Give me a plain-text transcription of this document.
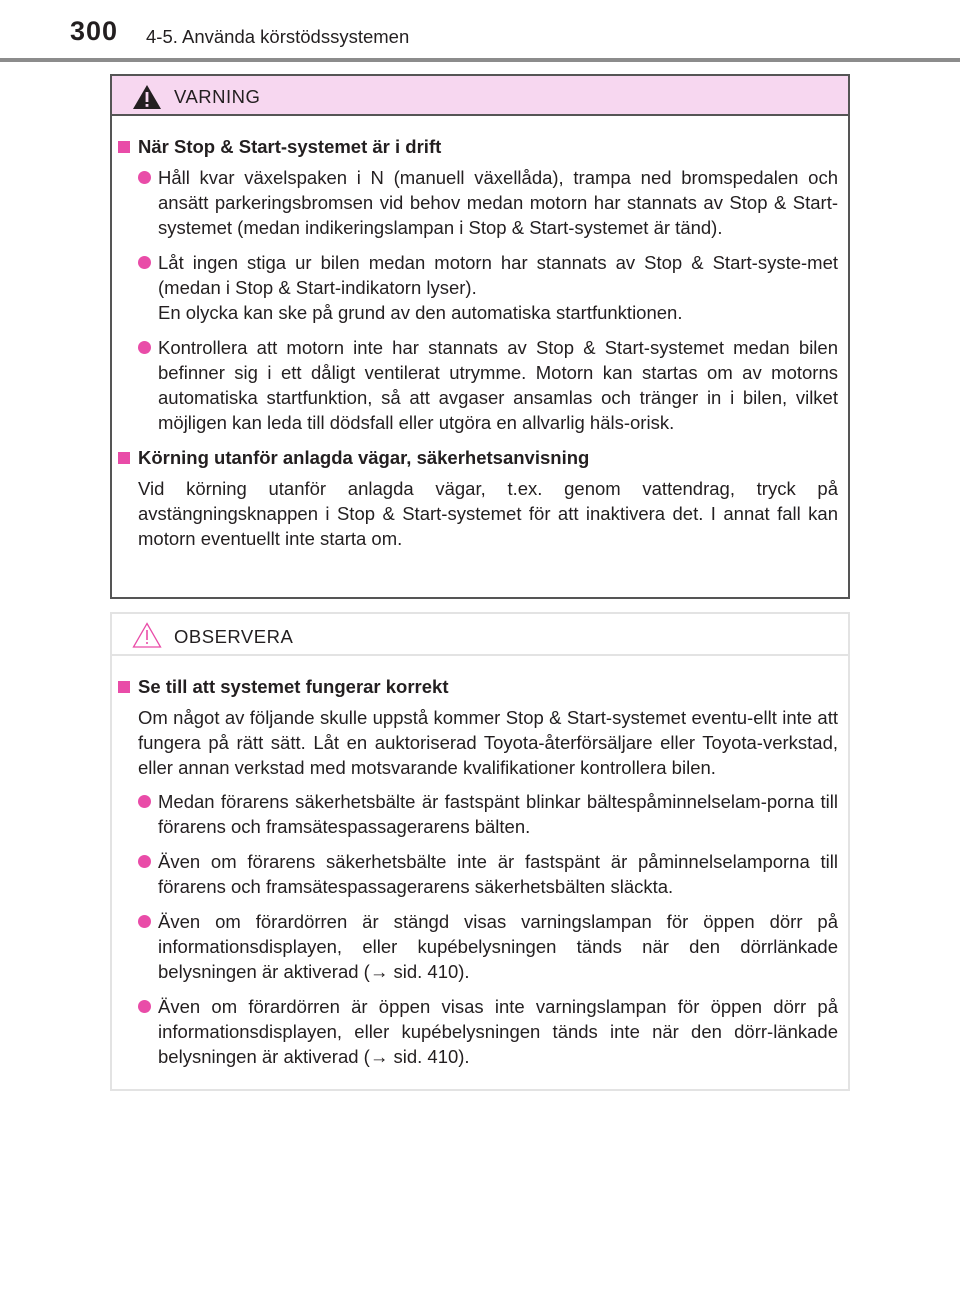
300 4-5. Använda körstödssystemen
VARNING
När Stop & Start-systemet är i drift
Håll kvar växelspaken i N (manuell växellåda), trampa ned bromspedalen och ansätt parkeringsbromsen vid behov medan motorn har stannats av Stop & Start-systemet (medan indikeringslampan i Stop & Start-systemet är tänd).
Låt ingen stiga ur bilen medan motorn har stannats av Stop & Start-syste-met (medan i Stop & Start-indikatorn lyser).
En olycka kan ske på grund av den automatiska startfunktionen.
Kontrollera att motorn inte har stannats av Stop & Start-systemet medan bilen befinner sig i ett dåligt ventilerat utrymme. Motorn kan startas om av motorns automatiska startfunktion, så att avgaser ansamlas och tränger in i bilen, vilket möjligen kan leda till dödsfall eller utgöra en allvarlig häls-orisk.
Körning utanför anlagda vägar, säkerhetsanvisning
Vid körning utanför anlagda vägar, t.ex. genom vattendrag, tryck på avstängningsknappen i Stop & Start-systemet för att inaktivera det. I annat fall kan motorn eventuellt inte starta om.
OBSERVERA
Se till att systemet fungerar korrekt
Om något av följande skulle uppstå kommer Stop & Start-systemet eventu-ellt inte att fungera på rätt sätt. Låt en auktoriserad Toyota-återförsäljare eller Toyota-verkstad, eller annan verkstad med motsvarande kvalifikationer kontrollera bilen.
Medan förarens säkerhetsbälte är fastspänt blinkar bältespåminnelselam-porna till förarens och framsätespassagerarens bälten.
Även om förarens säkerhetsbälte inte är fastspänt är påminnelselamporna till förarens och framsätespassagerarens säkerhetsbälten släckta.
Även om förardörren är stängd visas varningslampan för öppen dörr på informationsdisplayen, eller kupébelysningen tänds när den dörrlänkade belysningen är aktiverad (→ sid. 410).
Även om förardörren är öppen visas inte varningslampan för öppen dörr på informationsdisplayen, eller kupébelysningen tänds inte när den dörr-länkade belysningen är aktiverad (→ sid. 410).
